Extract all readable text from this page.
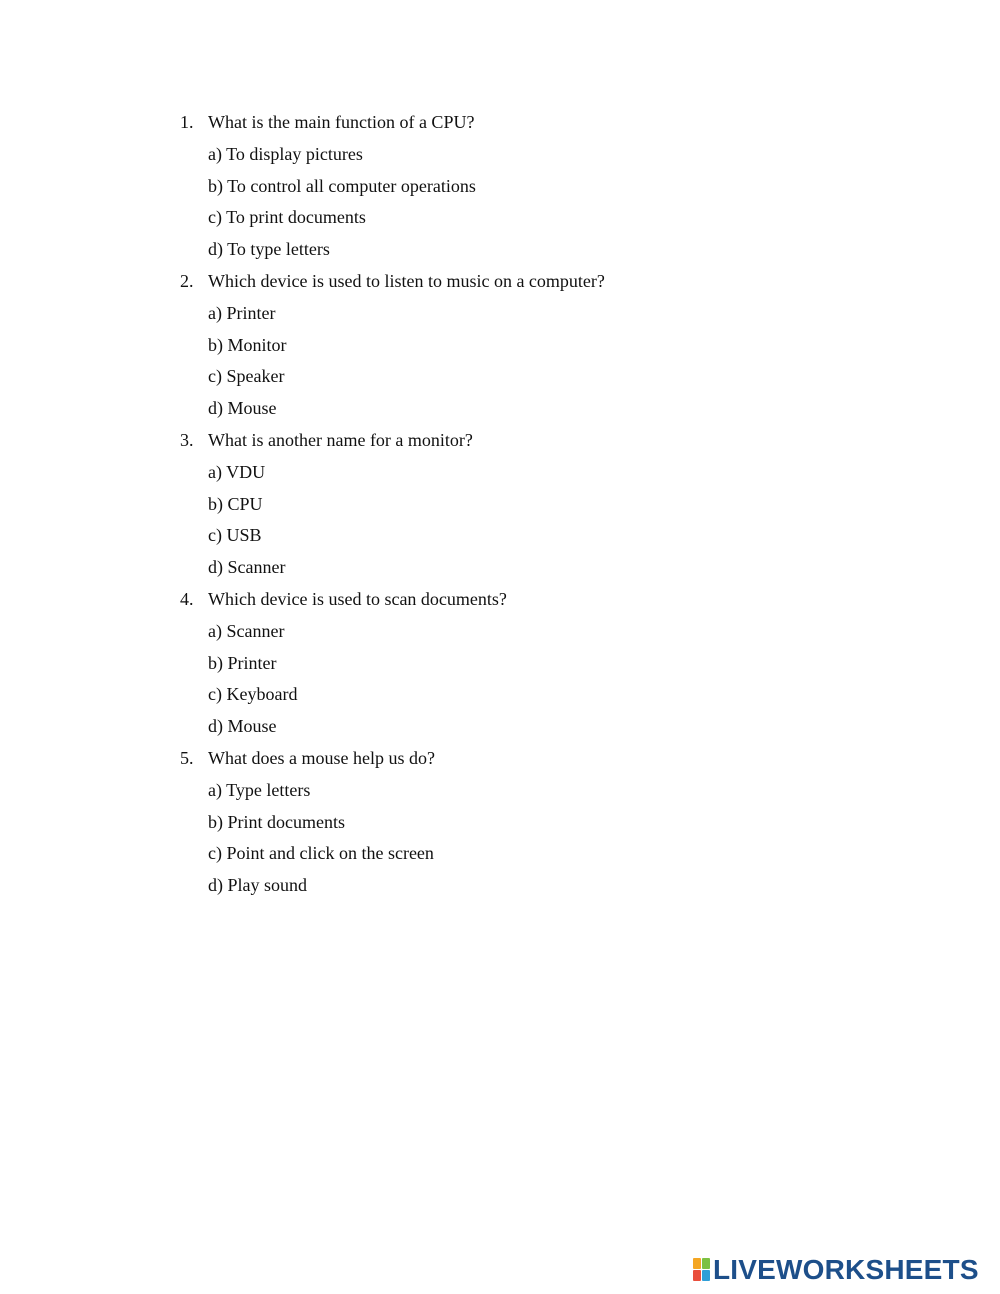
1. What is the main function of a CPU?
a) To display pictures
b) To control all computer operations
c) To print documents
d) To type letters
2. Which device is used to listen to music on a computer?
a) Printer
b) Monitor
c) Speaker
d) Mouse
3. What is another name for a monitor?
a) VDU
b) CPU
c) USB
d) Scanner
4. Which device is used to scan documents?
a) Scanner
b) Printer
c) Keyboard
d) Mouse
5. What does a mouse help us do?
a) Type letters
b) Print documents
c) Point and click on the screen
d) Play sound
LIVEWORKSHEETS
